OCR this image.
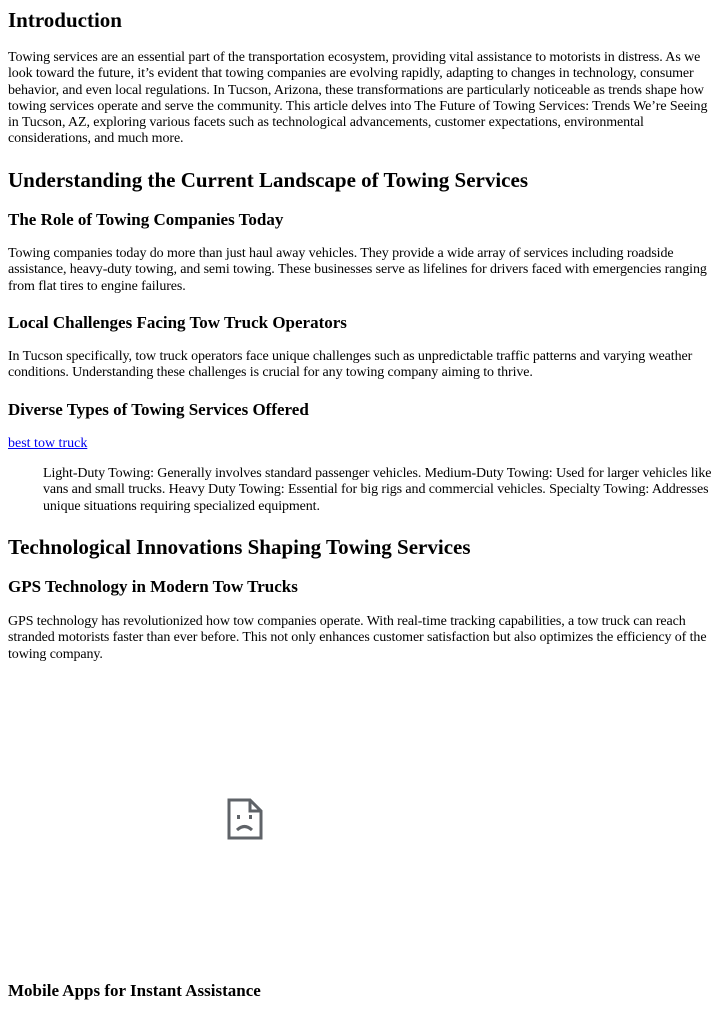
Introduction
Towing services are an essential part of the transportation ecosystem, providing vital assistance to motorists in distress. As we look toward the future, it’s evident that towing companies are evolving rapidly, adapting to changes in technology, consumer behavior, and even local regulations. In Tucson, Arizona, these transformations are particularly noticeable as trends shape how towing services operate and serve the community. This article delves into The Future of Towing Services: Trends We’re Seeing in Tucson, AZ, exploring various facets such as technological advancements, customer expectations, environmental considerations, and much more.
Understanding the Current Landscape of Towing Services
The Role of Towing Companies Today
Towing companies today do more than just haul away vehicles. They provide a wide array of services including roadside assistance, heavy-duty towing, and semi towing. These businesses serve as lifelines for drivers faced with emergencies ranging from flat tires to engine failures.
Local Challenges Facing Tow Truck Operators
In Tucson specifically, tow truck operators face unique challenges such as unpredictable traffic patterns and varying weather conditions. Understanding these challenges is crucial for any towing company aiming to thrive.
Diverse Types of Towing Services Offered
best tow truck
Light-Duty Towing: Generally involves standard passenger vehicles. Medium-Duty Towing: Used for larger vehicles like vans and small trucks. Heavy Duty Towing: Essential for big rigs and commercial vehicles. Specialty Towing: Addresses unique situations requiring specialized equipment.
Technological Innovations Shaping Towing Services
GPS Technology in Modern Tow Trucks
GPS technology has revolutionized how tow companies operate. With real-time tracking capabilities, a tow truck can reach stranded motorists faster than ever before. This not only enhances customer satisfaction but also optimizes the efficiency of the towing company.
Mobile Apps for Instant Assistance
